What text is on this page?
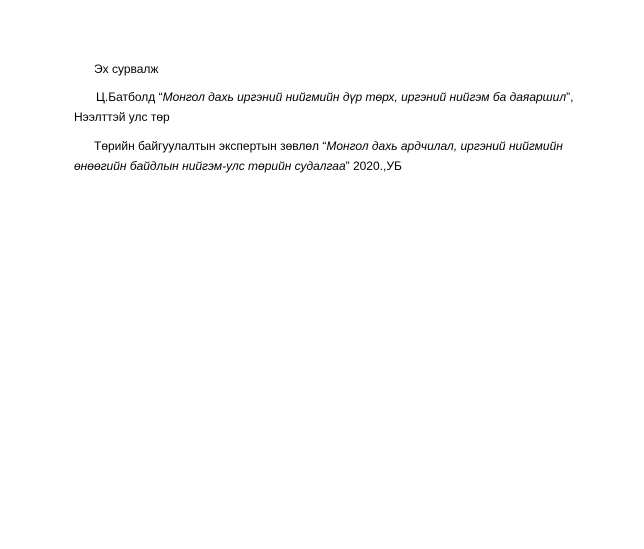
Эх сурвалж

Ц.Батболд “Монгол дахь иргэний нийгмийн дүр төрх, иргэний нийгэм ба даяаршил”,

Нээлттэй улс төр

Төрийн байгуулалтын экспертын зөвлөл “Монгол дахь ардчилал, иргэний нийгмийн

өнөөгийн байдлын нийгэм-улс төрийн судалгаа” 2020.,УБ
